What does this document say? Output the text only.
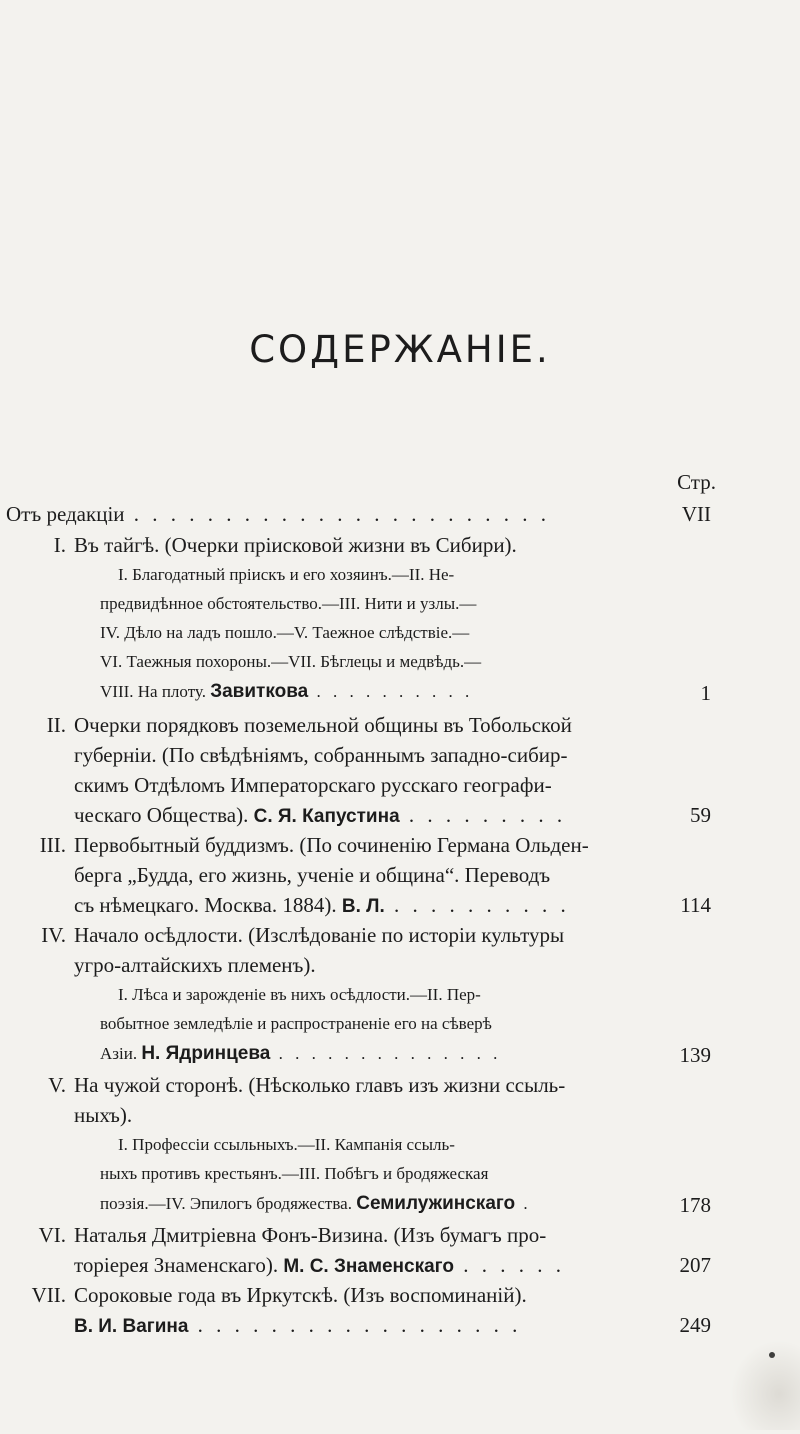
СОДЕРЖАНІЕ.
Стр.
Отъ редакціи . . . . . . . . . . . . . . . . . . . . . . .	VII
I. Въ тайгѣ. (Очерки пріисковой жизни въ Сибири).
I. Благодатный пріискъ и его хозяинъ.—II. Не-
предвидѣнное обстоятельство.—III. Нити и узлы.—
IV. Дѣло на ладъ пошло.—V. Таежное слѣдствіе.—
VI. Таежныя похороны.—VII. Бѣглецы и медвѣдь.—
VIII. На плоту. Завиткова . . . . . . . . . .	1
II. Очерки порядковъ поземельной общины въ Тобольской
губерніи. (По свѣдѣніямъ, собраннымъ западно-сибир-
скимъ Отдѣломъ Императорскаго русскаго геогрaфи-
ческаго Общества). С. Я. Капустина . . . . . . . . .	59
III. Первобытный буддизмъ. (По сочиненію Германа Ольден-
берга „Будда, его жизнь, ученіе и община“. Переводъ
съ нѣмецкаго. Москва. 1884). В. Л. . . . . . . . . . .	114
IV. Начало осѣдлости. (Изслѣдованіе по исторіи культуры
угро-алтайскихъ племенъ).
I. Лѣса и зарожденіе въ нихъ осѣдлости.—II. Пер-
вобытное земледѣліе и распространеніе его на сѣверѣ
Азіи. Н. Ядринцева . . . . . . . . . . . . . .	139
V. На чужой сторонѣ. (Нѣсколько главъ изъ жизни ссыль-
ныхъ).
I. Профессіи ссыльныхъ.—II. Кампанія ссыль-
ныхъ противъ крестьянъ.—III. Побѣгъ и бродяжеская
поэзія.—IV. Эпилогъ бродяжества. Семилужинскаго .	178
VI. Наталья Дмитріевна Фонъ-Визина. (Изъ бумагъ про-
торіерея Знаменскаго). М. С. Знаменскаго . . . . . .	207
VII. Сороковые года въ Иркутскѣ. (Изъ воспоминаній).
В. И. Вагина . . . . . . . . . . . . . . . . . .	249
